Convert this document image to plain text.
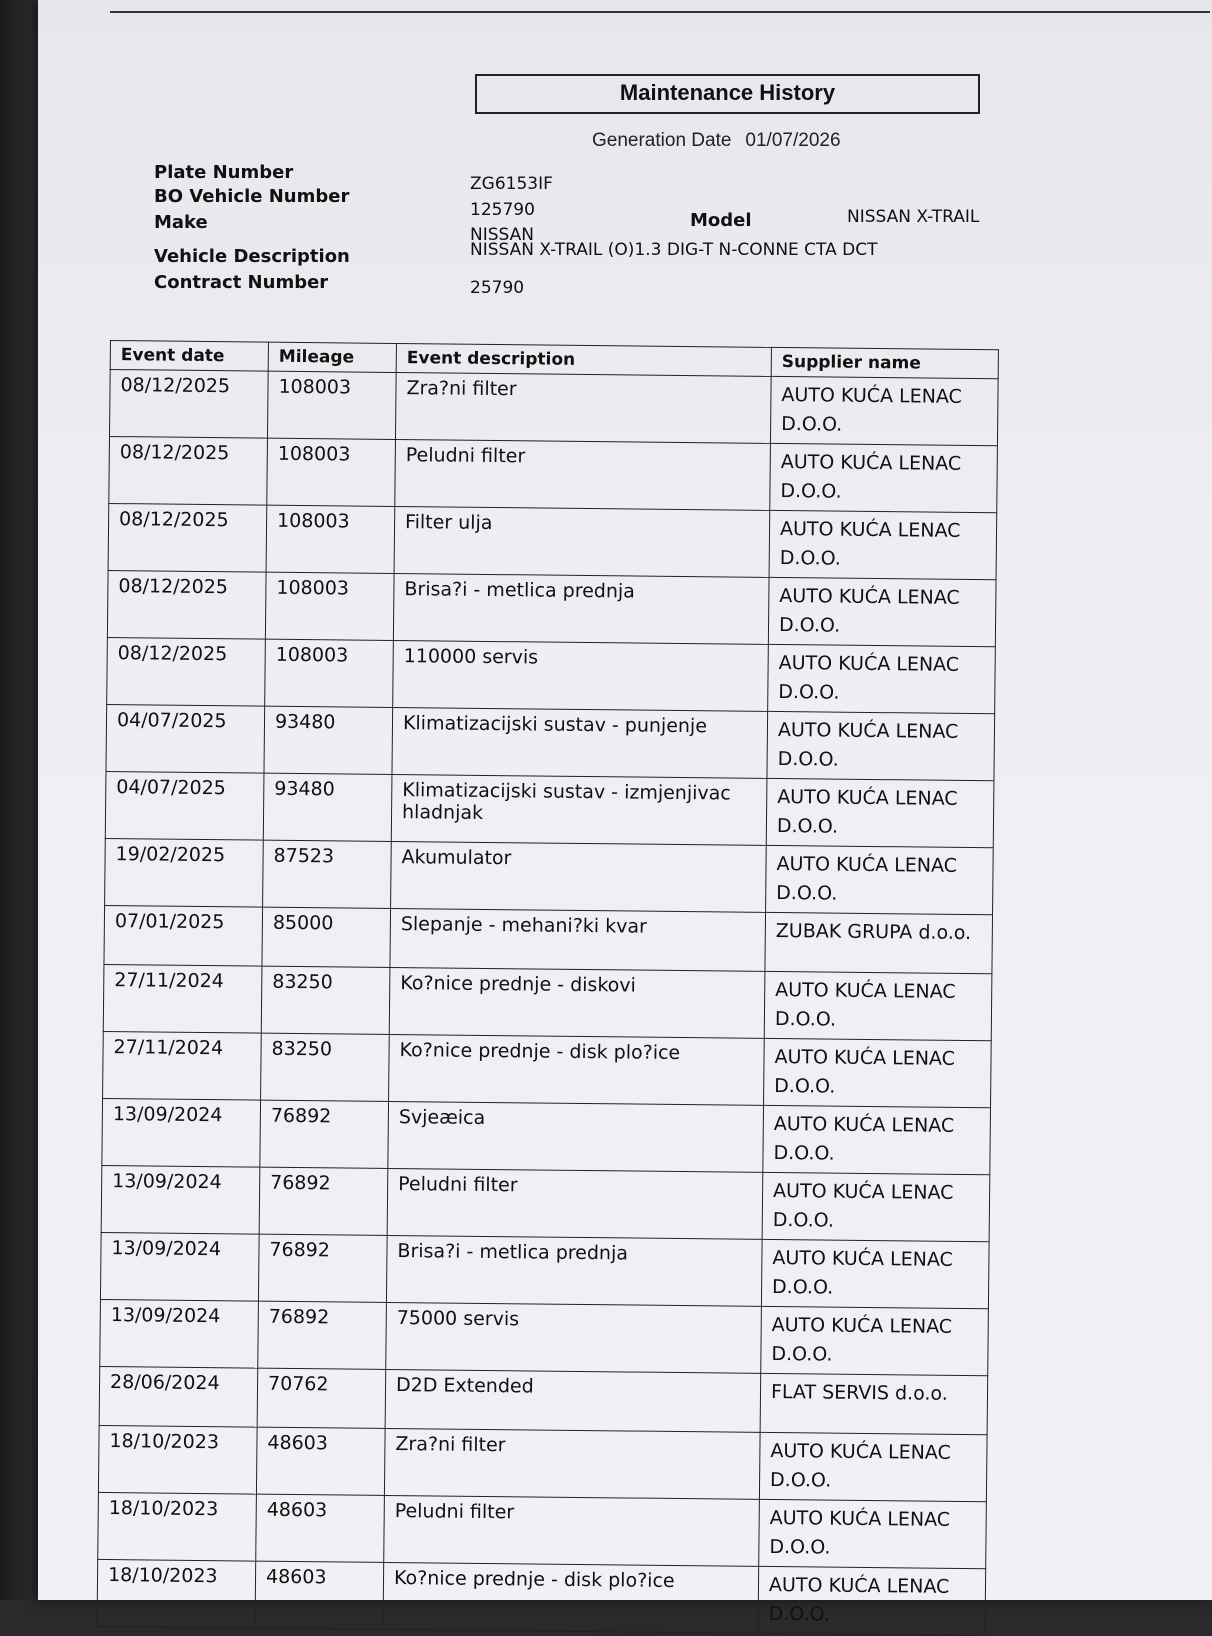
Maintenance History
Generation Date 01/07/2026
Plate Number
ZG6153IF
BO Vehicle Number
125790
Make
NISSAN
Model	NISSAN X-TRAIL
Vehicle Description	NISSAN X-TRAIL (O)1.3 DIG-T N-CONNE CTA DCT
Contract Number	25790
Event date	Mileage	Event description	Supplier name
08/12/2025	108003	Zra?ni filter	AUTO KUĆA LENAC D.O.O.
08/12/2025	108003	Peludni filter	AUTO KUĆA LENAC D.O.O.
08/12/2025	108003	Filter ulja	AUTO KUĆA LENAC D.O.O.
08/12/2025	108003	Brisa?i - metlica prednja	AUTO KUĆA LENAC D.O.O.
08/12/2025	108003	110000 servis	AUTO KUĆA LENAC D.O.O.
04/07/2025	93480	Klimatizacijski sustav - punjenje	AUTO KUĆA LENAC D.O.O.
04/07/2025	93480	Klimatizacijski sustav - izmjenjivac hladnjak	AUTO KUĆA LENAC D.O.O.
19/02/2025	87523	Akumulator	AUTO KUĆA LENAC D.O.O.
07/01/2025	85000	Slepanje - mehani?ki kvar	ZUBAK GRUPA d.o.o.
27/11/2024	83250	Ko?nice prednje - diskovi	AUTO KUĆA LENAC D.O.O.
27/11/2024	83250	Ko?nice prednje - disk plo?ice	AUTO KUĆA LENAC D.O.O.
13/09/2024	76892	Svjeæica	AUTO KUĆA LENAC D.O.O.
13/09/2024	76892	Peludni filter	AUTO KUĆA LENAC D.O.O.
13/09/2024	76892	Brisa?i - metlica prednja	AUTO KUĆA LENAC D.O.O.
13/09/2024	76892	75000 servis	AUTO KUĆA LENAC D.O.O.
28/06/2024	70762	D2D Extended	FLAT SERVIS d.o.o.
18/10/2023	48603	Zra?ni filter	AUTO KUĆA LENAC D.O.O.
18/10/2023	48603	Peludni filter	AUTO KUĆA LENAC D.O.O.
18/10/2023	48603	Ko?nice prednje - disk plo?ice	AUTO KUĆA LENAC D.O.O.
